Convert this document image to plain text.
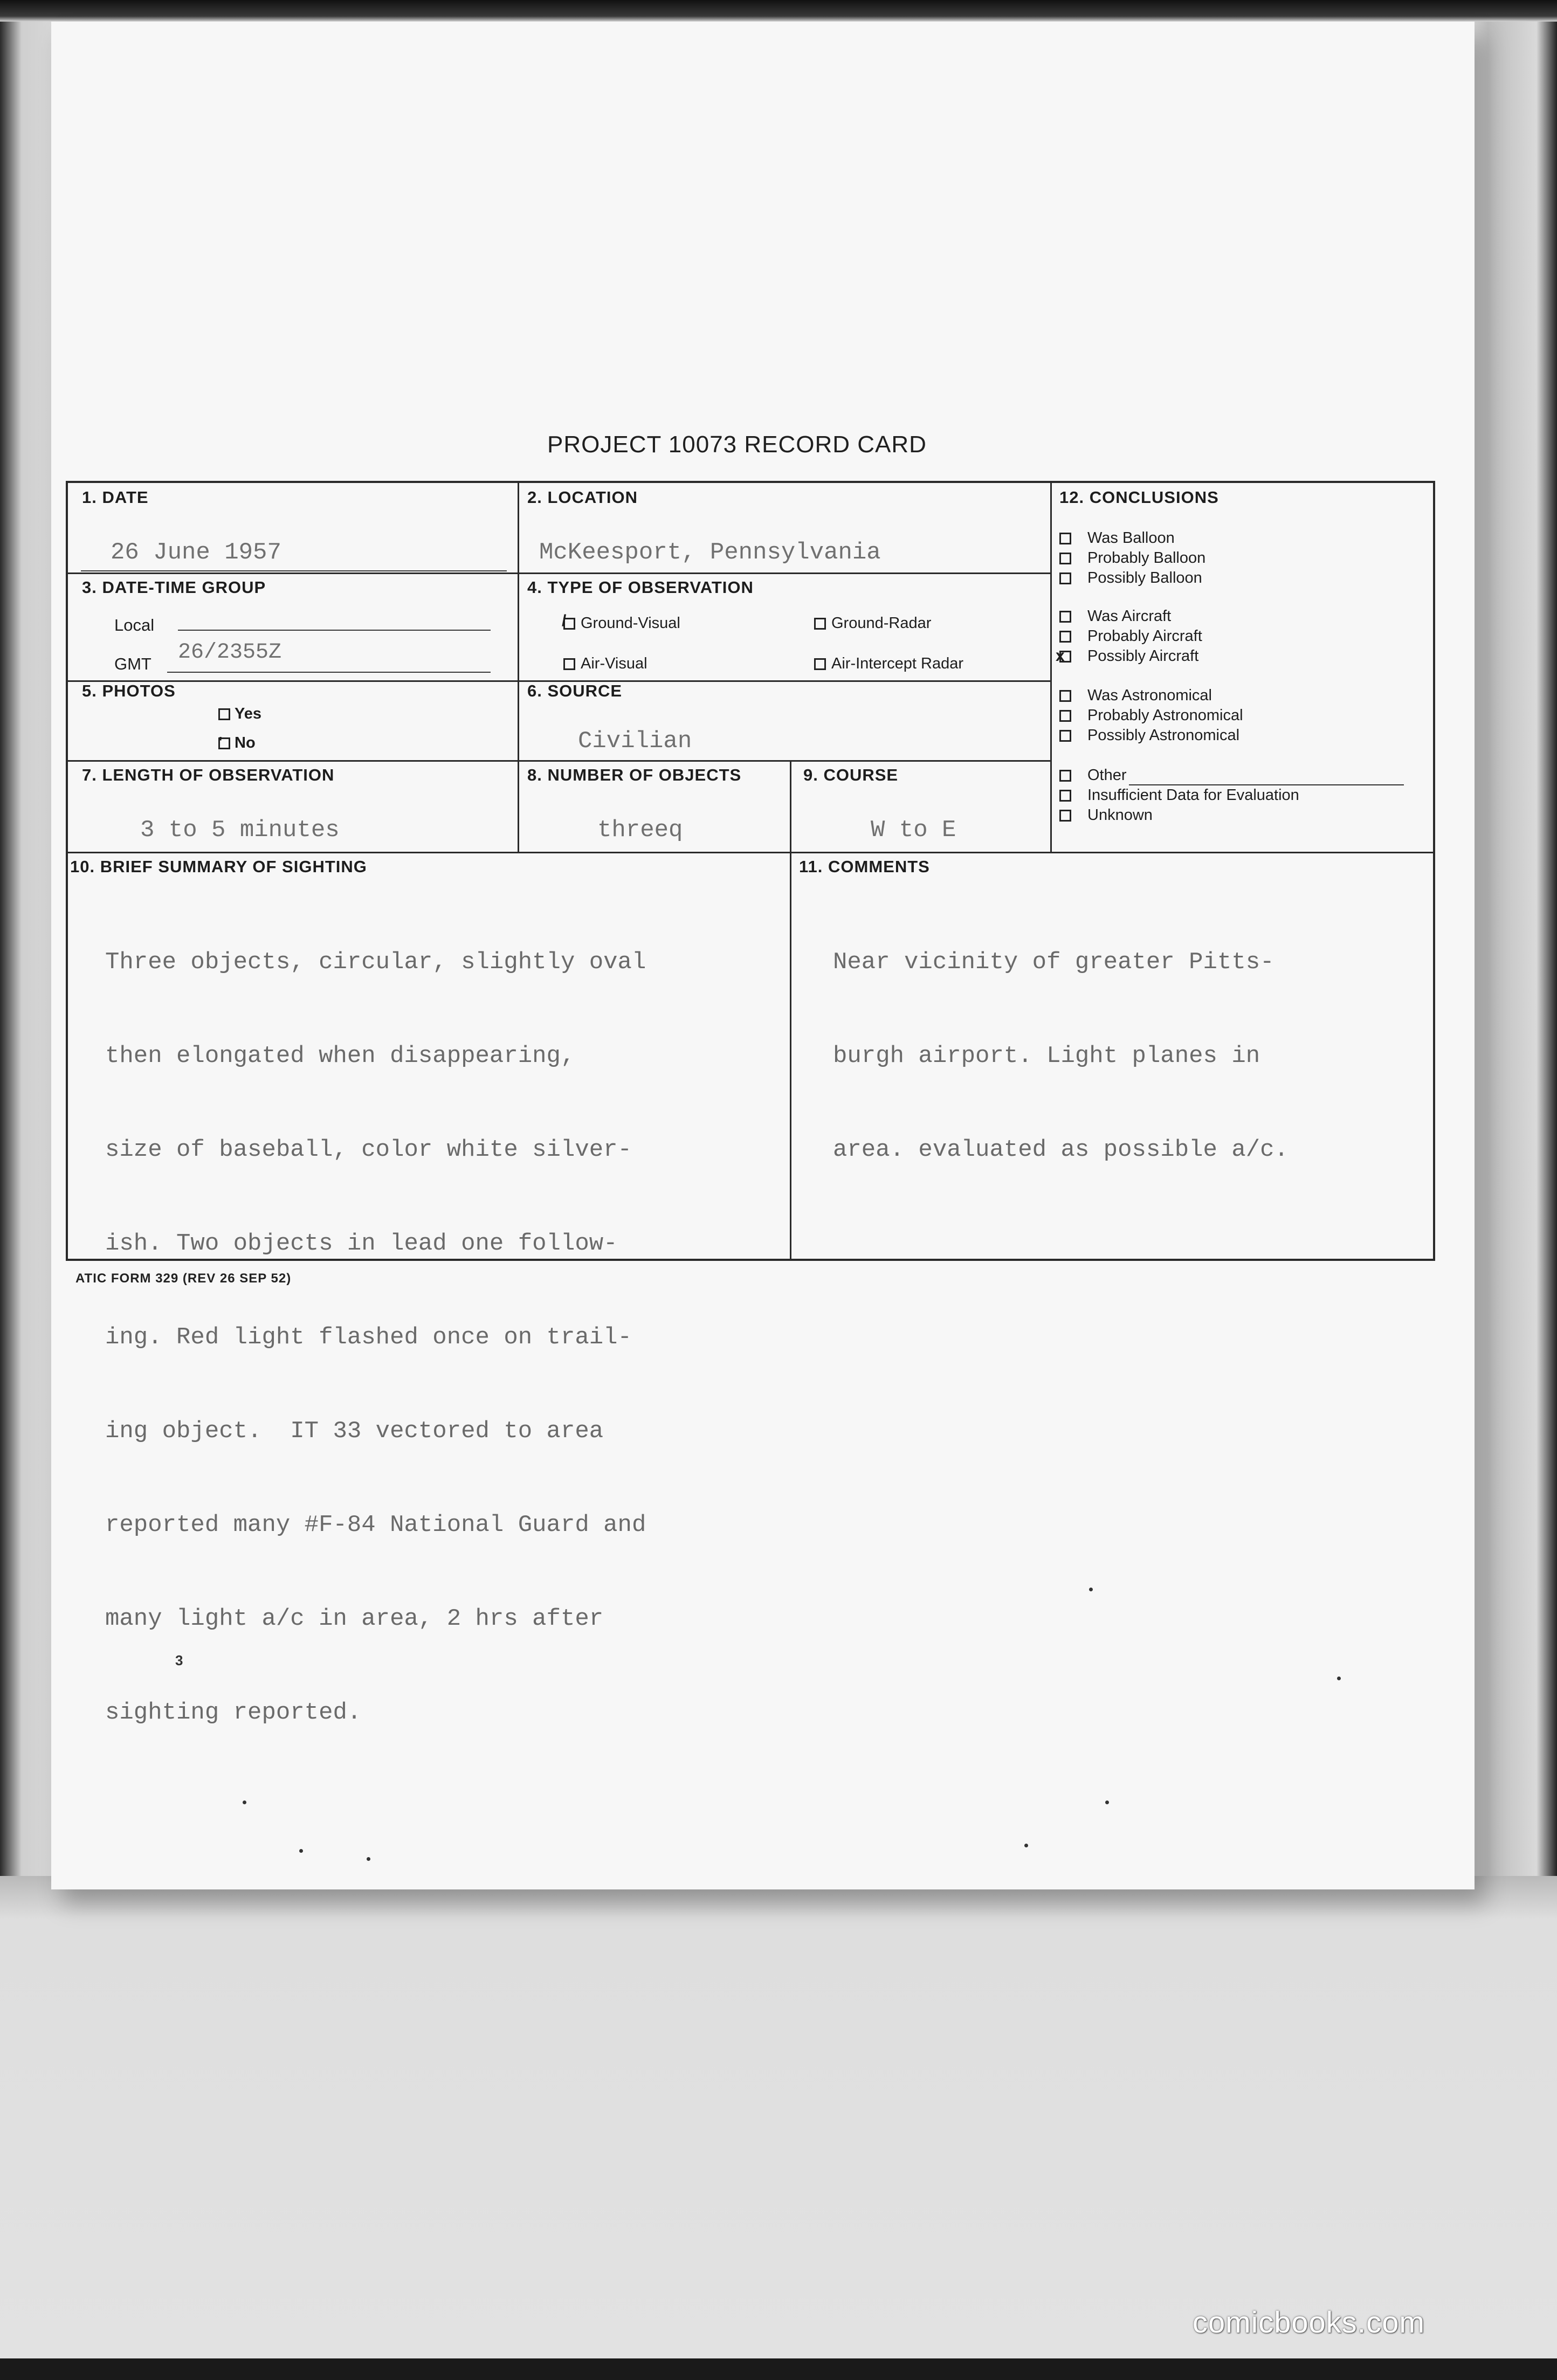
PROJECT 10073 RECORD CARD
1. DATE
26 June 1957
2. LOCATION
McKeesport, Pennsylvania
3. DATE-TIME GROUP
Local
GMT 26/2355Z
4. TYPE OF OBSERVATION
/ Ground-Visual	Ground-Radar
Air-Visual	Air-Intercept Radar
5. PHOTOS
Yes
' No
6. SOURCE
Civilian
7. LENGTH OF OBSERVATION
3 to 5 minutes
8. NUMBER OF OBJECTS
threeq
9. COURSE
W to E
10. BRIEF SUMMARY OF SIGHTING

Three objects, circular, slightly oval

then elongated when disappearing,

size of baseball, color white silver-

ish. Two objects in lead one follow-

ing. Red light flashed once on trail-

ing object.  IT 33 vectored to area

reported many #F-84 National Guard and

many light a/c in area, 2 hrs after

sighting reported.

11. COMMENTS

Near vicinity of greater Pitts-

burgh airport. Light planes in

area. evaluated as possible a/c.

12. CONCLUSIONS
Was Balloon
Probably Balloon
Possibly Balloon
Was Aircraft
Probably Aircraft
x Possibly Aircraft
Was Astronomical
Probably Astronomical
Possibly Astronomical
Other
Insufficient Data for Evaluation
Unknown
ATIC FORM 329 (REV 26 SEP 52)
3
comicbooks.com
